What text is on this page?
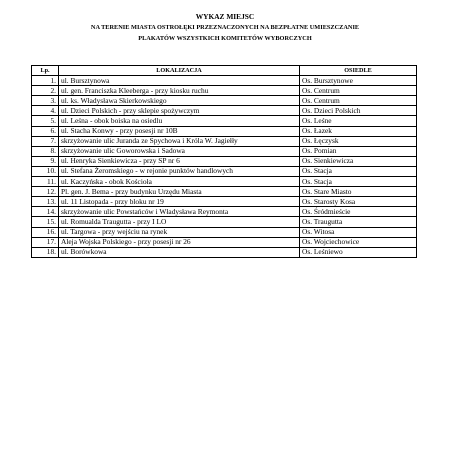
WYKAZ MIEJSC
NA TERENIE MIASTA OSTROŁĘKI PRZEZNACZONYCH NA BEZPŁATNE UMIESZCZANIE
PLAKATÓW WSZYSTKICH KOMITETÓW WYBORCZYCH
Lp.	LOKALIZACJA	OSIEDLE
1.	ul. Bursztynowa	Os. Bursztynowe
2.	ul. gen. Franciszka Kleeberga - przy kiosku ruchu	Os. Centrum
3.	ul. ks. Władysława Skierkowskiego	Os. Centrum
4.	ul. Dzieci Polskich - przy sklepie spożywczym	Os. Dzieci Polskich
5.	ul. Leśna - obok boiska na osiedlu	Os. Leśne
6.	ul. Stacha Konwy - przy posesji nr 10B	Os. Łazek
7.	skrzyżowanie ulic Juranda ze Spychowa i Króla W. Jagiełły	Os. Łęczysk
8.	skrzyżowanie ulic Goworowska i Sadowa	Os. Pomian
9.	ul. Henryka Sienkiewicza - przy SP nr 6	Os. Sienkiewicza
10.	ul. Stefana Żeromskiego - w rejonie punktów handlowych	Os. Stacja
11.	ul. Kaczyńska - obok Kościoła	Os. Stacja
12.	Pl. gen. J. Bema - przy budynku Urzędu Miasta	Os. Stare Miasto
13.	ul. 11 Listopada - przy bloku nr 19	Os. Starosty Kosa
14.	skrzyżowanie ulic Powstańców i Władysława Reymonta	Os. Śródmieście
15.	ul. Romualda Traugutta - przy I LO	Os. Traugutta
16.	ul. Targowa - przy wejściu na rynek	Os. Witosa
17.	Aleja Wojska Polskiego - przy posesji nr 26	Os. Wojciechowice
18.	ul. Borówkowa	Os. Leśniewo
